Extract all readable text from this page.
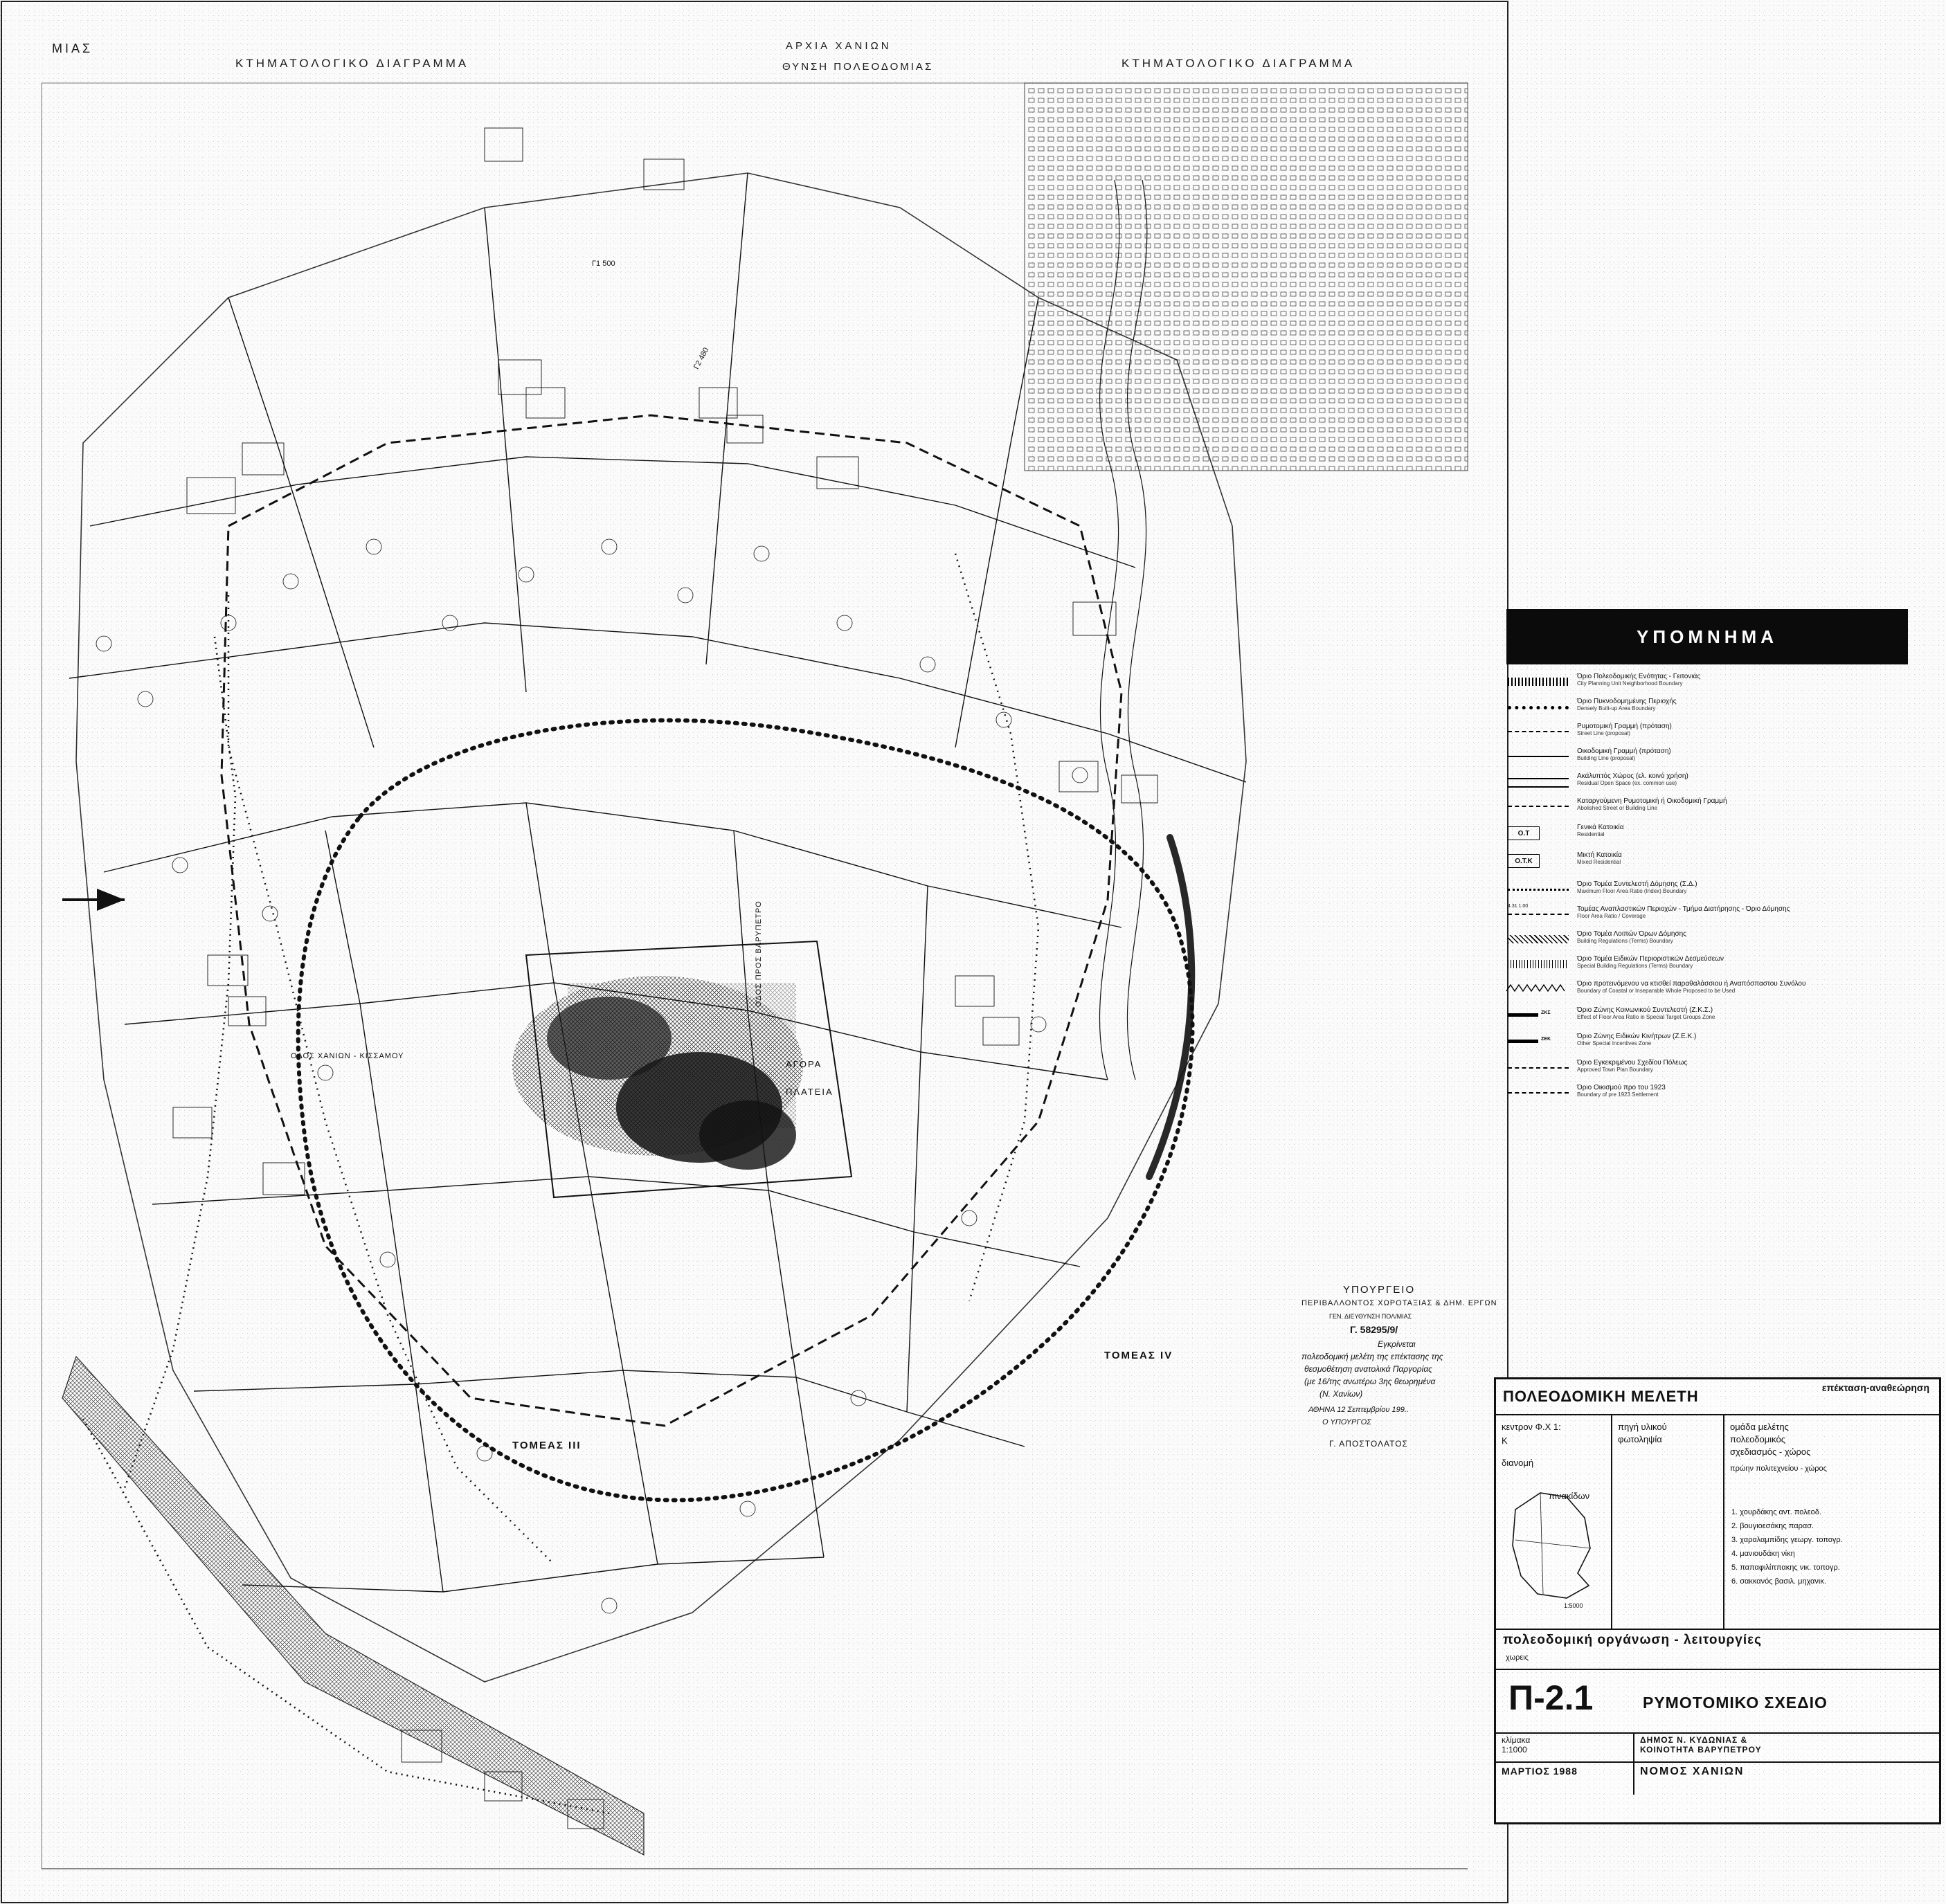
ΜΙΑΣ
ΚΤΗΜΑΤΟΛΟΓΙΚΟ ΔΙΑΓΡΑΜΜΑ
ΑΡΧΙΑ ΧΑΝΙΩΝ
ΘΥΝΣΗ ΠΟΛΕΟΔΟΜΙΑΣ	ΚΤΗΜΑΤΟΛΟΓΙΚΟ ΔΙΑΓΡΑΜΜΑ
Γ1 500
Γ2 480
ΑΓΟΡΑ
ΠΛΑΤΕΙΑ
ΟΔΟΣ ΧΑΝΙΩΝ - ΚΙΣΣΑΜΟΥ
ΟΔΟΣ ΠΡΟΣ ΒΑΡΥΠΕΤΡΟ
ΤΟΜΕΑΣ III
ΤΟΜΕΑΣ IV
ΥΠΟΜΝΗΜΑ
Όριο Πολεοδομικής Ενότητας - Γειτονιάς
City Planning Unit Neighborhood Boundary
Όριο Πυκνοδομημένης Περιοχής
Densely Built-up Area Boundary
Ρυμοτομική Γραμμή (πρόταση)
Street Line (proposal)
Οικοδομική Γραμμή (πρόταση)
Building Line (proposal)
Ακάλυπτός Χώρος (ελ. κοινό χρήση)
Residual Open Space (ex. common use)
Καταργούμενη Ρυμοτομική ή Οικοδομική Γραμμή
Abolished Street or Building Line
Ο.Τ
Γενικά Κατοικία
Residential
Ο.Τ.Κ
Μικτή Κατοικία
Mixed Residential
Όριο Τομέα Συντελεστή Δόμησης (Σ.Δ.)
Maximum Floor Area Ratio (Index) Boundary
4.31 1.00	Τομέας Αναπλαστικών Περιοχών - Τμήμα Διατήρησης - Όριο Δόμησης
Floor Area Ratio / Coverage
Όριο Τομέα Λοιπών Όρων Δόμησης
Building Regulations (Terms) Boundary
Όριο Τομέα Ειδικών Περιοριστικών Δεσμεύσεων
Special Building Regulations (Terms) Boundary
Όριο προτεινόμενου να κτισθεί παραθαλάσσιου ή Αναπόσπαστου Συνόλου
Boundary of Coastal or Inseparable Whole Proposed to be Used
ΖΚΣ	Όριο Ζώνης Κοινωνικού Συντελεστή (Ζ.Κ.Σ.)
Effect of Floor Area Ratio in Special Target Groups Zone
ΖΕΚ	Όριο Ζώνης Ειδικών Κινήτρων (Ζ.Ε.Κ.)
Other Special Incentives Zone
Όριο Εγκεκριμένου Σχεδίου Πόλεως
Approved Town Plan Boundary
Όριο Οικισμού προ του 1923
Boundary of pre 1923 Settlement
ΥΠΟΥΡΓΕΙΟ
ΠΕΡΙΒΑΛΛΟΝΤΟΣ ΧΩΡΟΤΑΞΙΑΣ & ΔΗΜ. ΕΡΓΩΝ
ΓΕΝ. ΔΙΕΥΘΥΝΣΗ ΠΟΛ/ΜΙΑΣ
Γ. 58295/9/
Εγκρίνεται
πολεοδομική μελέτη της επέκτασης της
θεσμοθέτηση ανατολικά Παργορίας
(με 16/της ανωτέρω 3ης θεωρημένα
(Ν. Χανίων)
ΑΘΗΝΑ 12 Σεπτεμβρίου 199..
Ο ΥΠΟΥΡΓΟΣ
Γ. ΑΠΟΣΤΟΛΑΤΟΣ
ΠΟΛΕΟΔΟΜΙΚΗ ΜΕΛΕΤΗ	επέκταση-αναθεώρηση
κεντρον Φ.Χ 1:
Κ
διανομή
πινακίδων
1:5000
πηγή υλικού
φωτοληψία
ομάδα μελέτης
πολεοδομικός
σχεδιασμός - χώρος
πρώην πολιτεχνείου - χώρος
1. χουρδάκης αντ. πολεοδ.
2. βουγιοεσάκης παρασ.
3. χαραλαμπίδης γεωργ. τοπογρ.
4. μανιουδάκη νίκη
5. παπαφιλίππακης νικ. τοπογρ.
6. σακκανός βασιλ. μηχανικ.
πολεοδομική οργάνωση - λειτουργίες
χωρεις
Π-2.1	ΡΥΜΟΤΟΜΙΚΟ ΣΧΕΔΙΟ
κλίμακα
1:1000
ΔΗΜΟΣ Ν. ΚΥΔΩΝΙΑΣ &
ΚΟΙΝΟΤΗΤΑ ΒΑΡΥΠΕΤΡΟΥ
ΜΑΡΤΙΟΣ 1988	ΝΟΜΟΣ ΧΑΝΙΩΝ
